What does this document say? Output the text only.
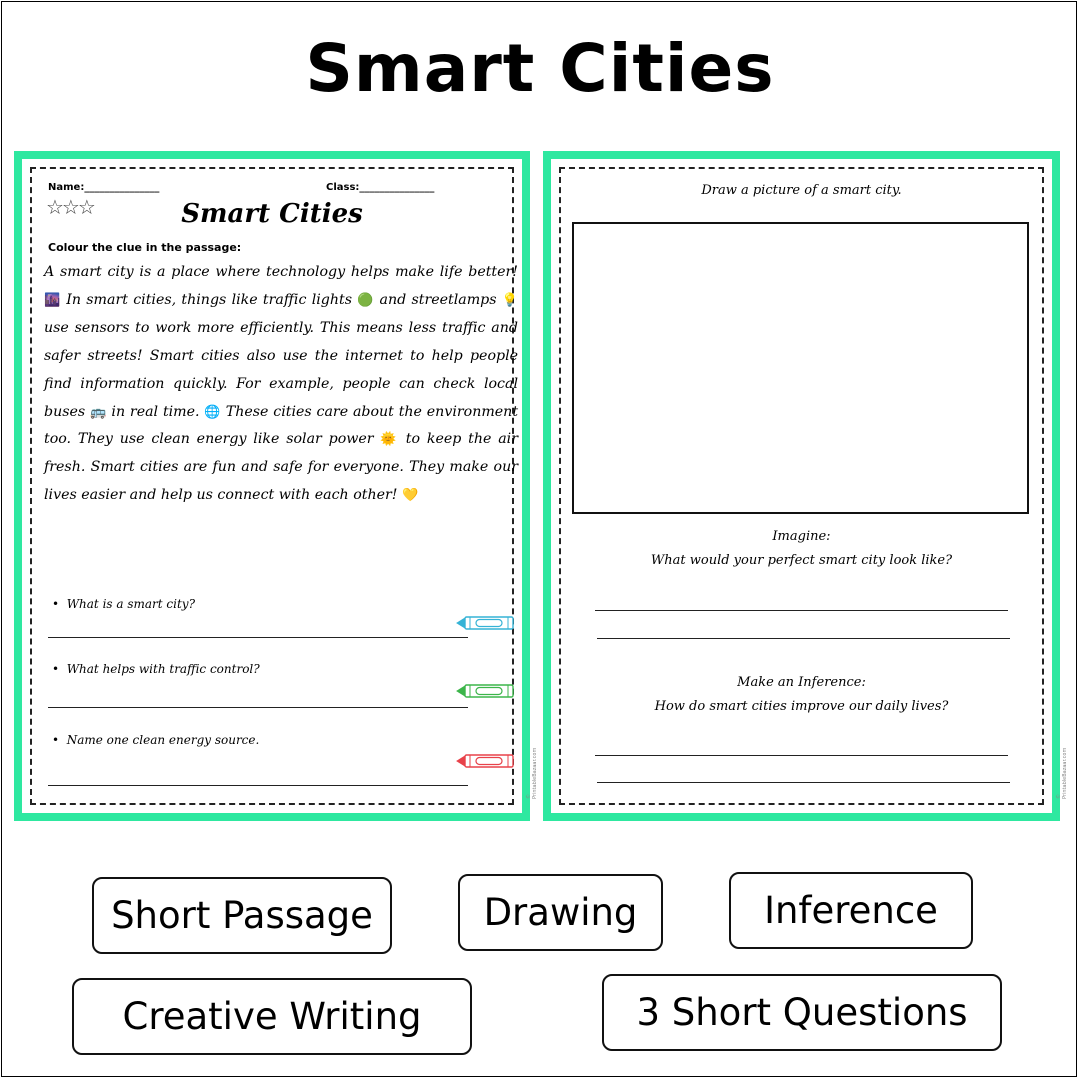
Smart Cities
Name:_______________	Class:_______________
☆☆☆	Smart Cities
Colour the clue in the passage:
A smart city is a place where technology helps make life better! 🌆 In smart cities, things like traffic lights 🟢 and streetlamps 💡 use sensors to work more efficiently. This means less traffic and safer streets! Smart cities also use the internet to help people find information quickly. For example, people can check local buses 🚌 in real time. 🌐 These cities care about the environment too. They use clean energy like solar power 🌞 to keep the air fresh. Smart cities are fun and safe for everyone. They make our lives easier and help us connect with each other! 💛
•  What is a smart city?
•  What helps with traffic control?
•  Name one clean energy source.
© PrintableBazaar.com
Draw a picture of a smart city.
Imagine:
What would your perfect smart city look like?
Make an Inference:
How do smart cities improve our daily lives?
© PrintableBazaar.com
Short Passage	Drawing	Inference
Creative Writing	3 Short Questions
